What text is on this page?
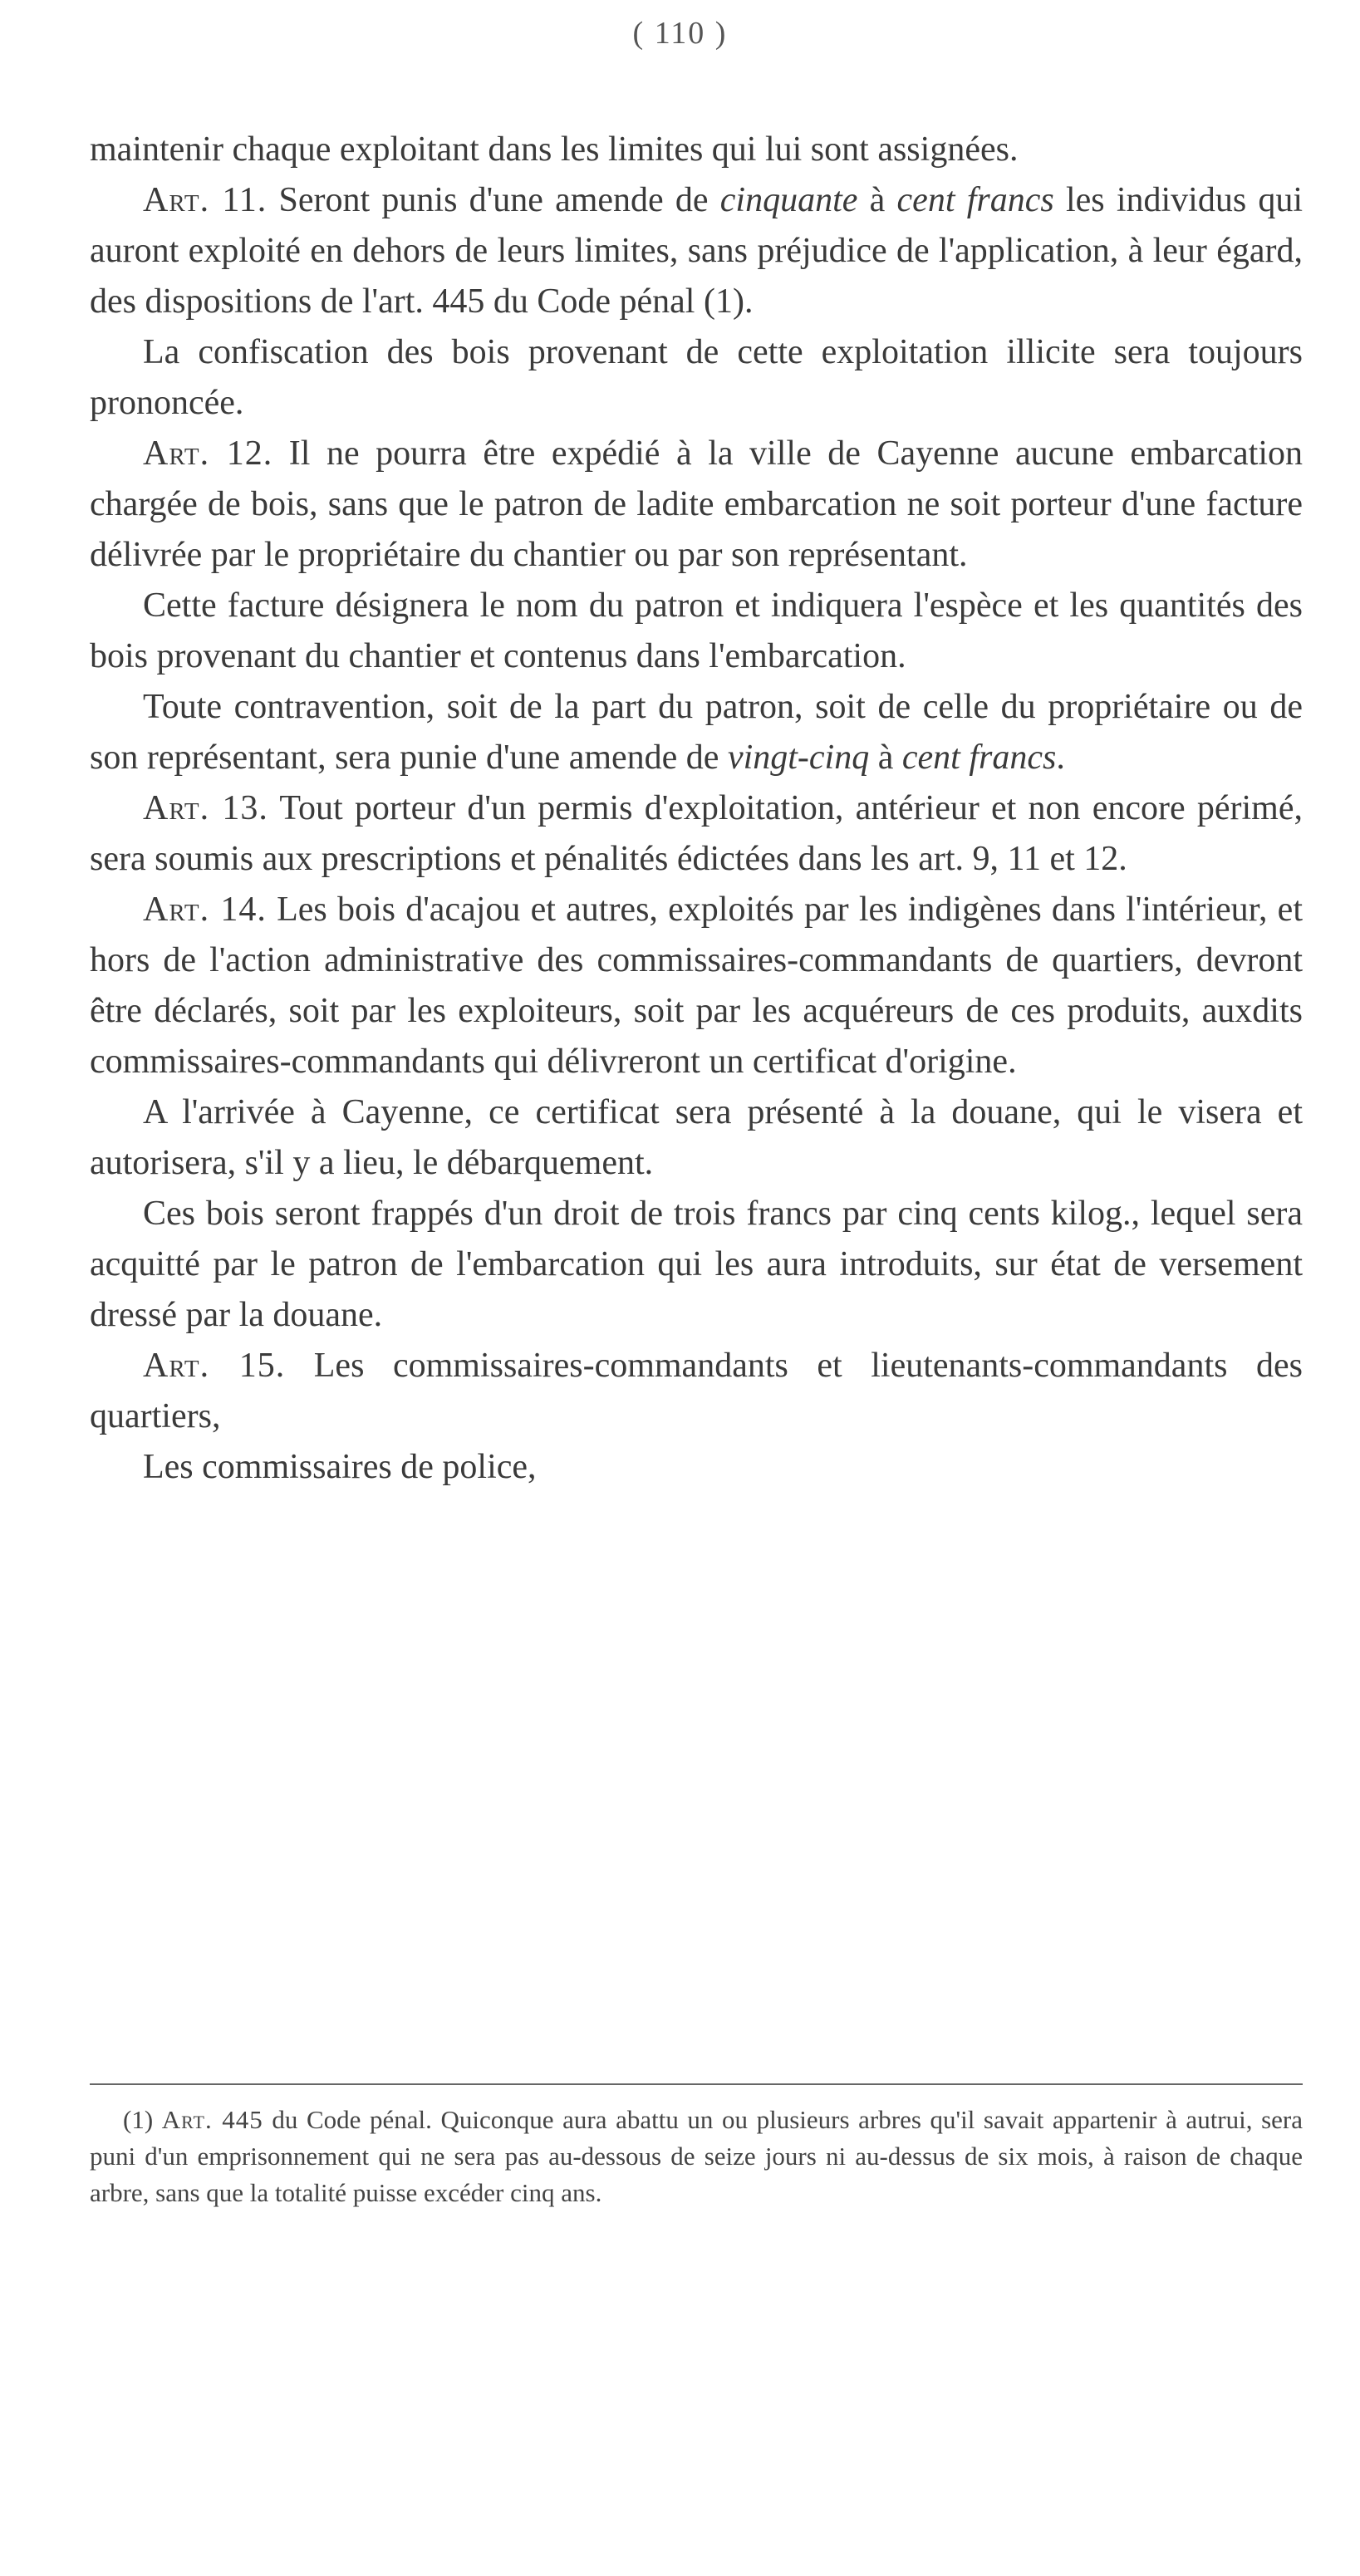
( 110 )

maintenir chaque exploitant dans les limites qui lui sont assignées.

Art. 11. Seront punis d'une amende de cinquante à cent francs les individus qui auront exploité en dehors de leurs limites, sans préjudice de l'application, à leur égard, des dispositions de l'art. 445 du Code pénal (1).

La confiscation des bois provenant de cette exploitation illicite sera toujours prononcée.

Art. 12. Il ne pourra être expédié à la ville de Cayenne aucune embarcation chargée de bois, sans que le patron de ladite embarcation ne soit porteur d'une facture délivrée par le propriétaire du chantier ou par son représentant.

Cette facture désignera le nom du patron et indiquera l'espèce et les quantités des bois provenant du chantier et contenus dans l'embarcation.

Toute contravention, soit de la part du patron, soit de celle du propriétaire ou de son représentant, sera punie d'une amende de vingt-cinq à cent francs.

Art. 13. Tout porteur d'un permis d'exploitation, antérieur et non encore périmé, sera soumis aux prescriptions et pénalités édictées dans les art. 9, 11 et 12.

Art. 14. Les bois d'acajou et autres, exploités par les indigènes dans l'intérieur, et hors de l'action administrative des commissaires-commandants de quartiers, devront être déclarés, soit par les exploiteurs, soit par les acquéreurs de ces produits, auxdits commissaires-commandants qui délivreront un certificat d'origine.

A l'arrivée à Cayenne, ce certificat sera présenté à la douane, qui le visera et autorisera, s'il y a lieu, le débarquement.

Ces bois seront frappés d'un droit de trois francs par cinq cents kilog., lequel sera acquitté par le patron de l'embarcation qui les aura introduits, sur état de versement dressé par la douane.

Art. 15. Les commissaires-commandants et lieutenants-commandants des quartiers,

Les commissaires de police,

(1) Art. 445 du Code pénal. Quiconque aura abattu un ou plusieurs arbres qu'il savait appartenir à autrui, sera puni d'un emprisonnement qui ne sera pas au-dessous de seize jours ni au-dessus de six mois, à raison de chaque arbre, sans que la totalité puisse excéder cinq ans.
